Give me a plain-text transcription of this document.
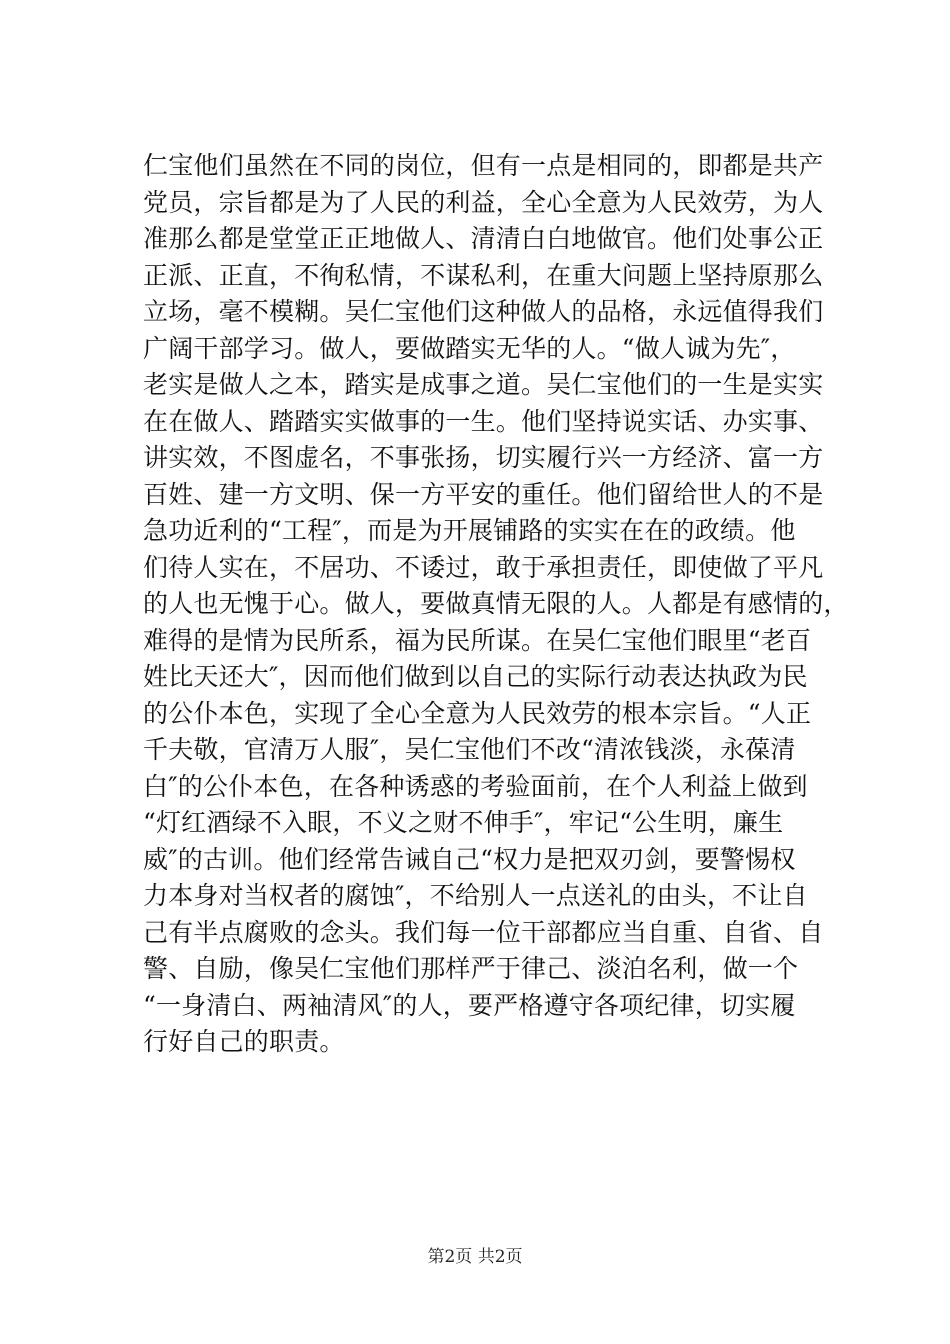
仁宝他们虽然在不同的岗位，但有一点是相同的，即都是共产
党员，宗旨都是为了人民的利益，全心全意为人民效劳，为人
准那么都是堂堂正正地做人、清清白白地做官。他们处事公正
正派、正直，不徇私情，不谋私利，在重大问题上坚持原那么
立场，毫不模糊。吴仁宝他们这种做人的品格，永远值得我们
广阔干部学习。做人，要做踏实无华的人。“做人诚为先″，
老实是做人之本，踏实是成事之道。吴仁宝他们的一生是实实
在在做人、踏踏实实做事的一生。他们坚持说实话、办实事、
讲实效，不图虚名，不事张扬，切实履行兴一方经济、富一方
百姓、建一方文明、保一方平安的重任。他们留给世人的不是
急功近利的“工程″，而是为开展铺路的实实在在的政绩。他
们待人实在，不居功、不诿过，敢于承担责任，即使做了平凡
的人也无愧于心。做人，要做真情无限的人。人都是有感情的，
难得的是情为民所系，福为民所谋。在吴仁宝他们眼里“老百
姓比天还大″，因而他们做到以自己的实际行动表达执政为民
的公仆本色，实现了全心全意为人民效劳的根本宗旨。“人正
千夫敬，官清万人服″，吴仁宝他们不改“清浓钱淡，永葆清
白″的公仆本色，在各种诱惑的考验面前，在个人利益上做到
“灯红酒绿不入眼，不义之财不伸手″，牢记“公生明，廉生
威″的古训。他们经常告诫自己“权力是把双刃剑，要警惕权
力本身对当权者的腐蚀″，不给别人一点送礼的由头，不让自
己有半点腐败的念头。我们每一位干部都应当自重、自省、自
警、自励，像吴仁宝他们那样严于律己、淡泊名利，做一个
“一身清白、两袖清风″的人，要严格遵守各项纪律，切实履
行好自己的职责。
第2页 共2页
